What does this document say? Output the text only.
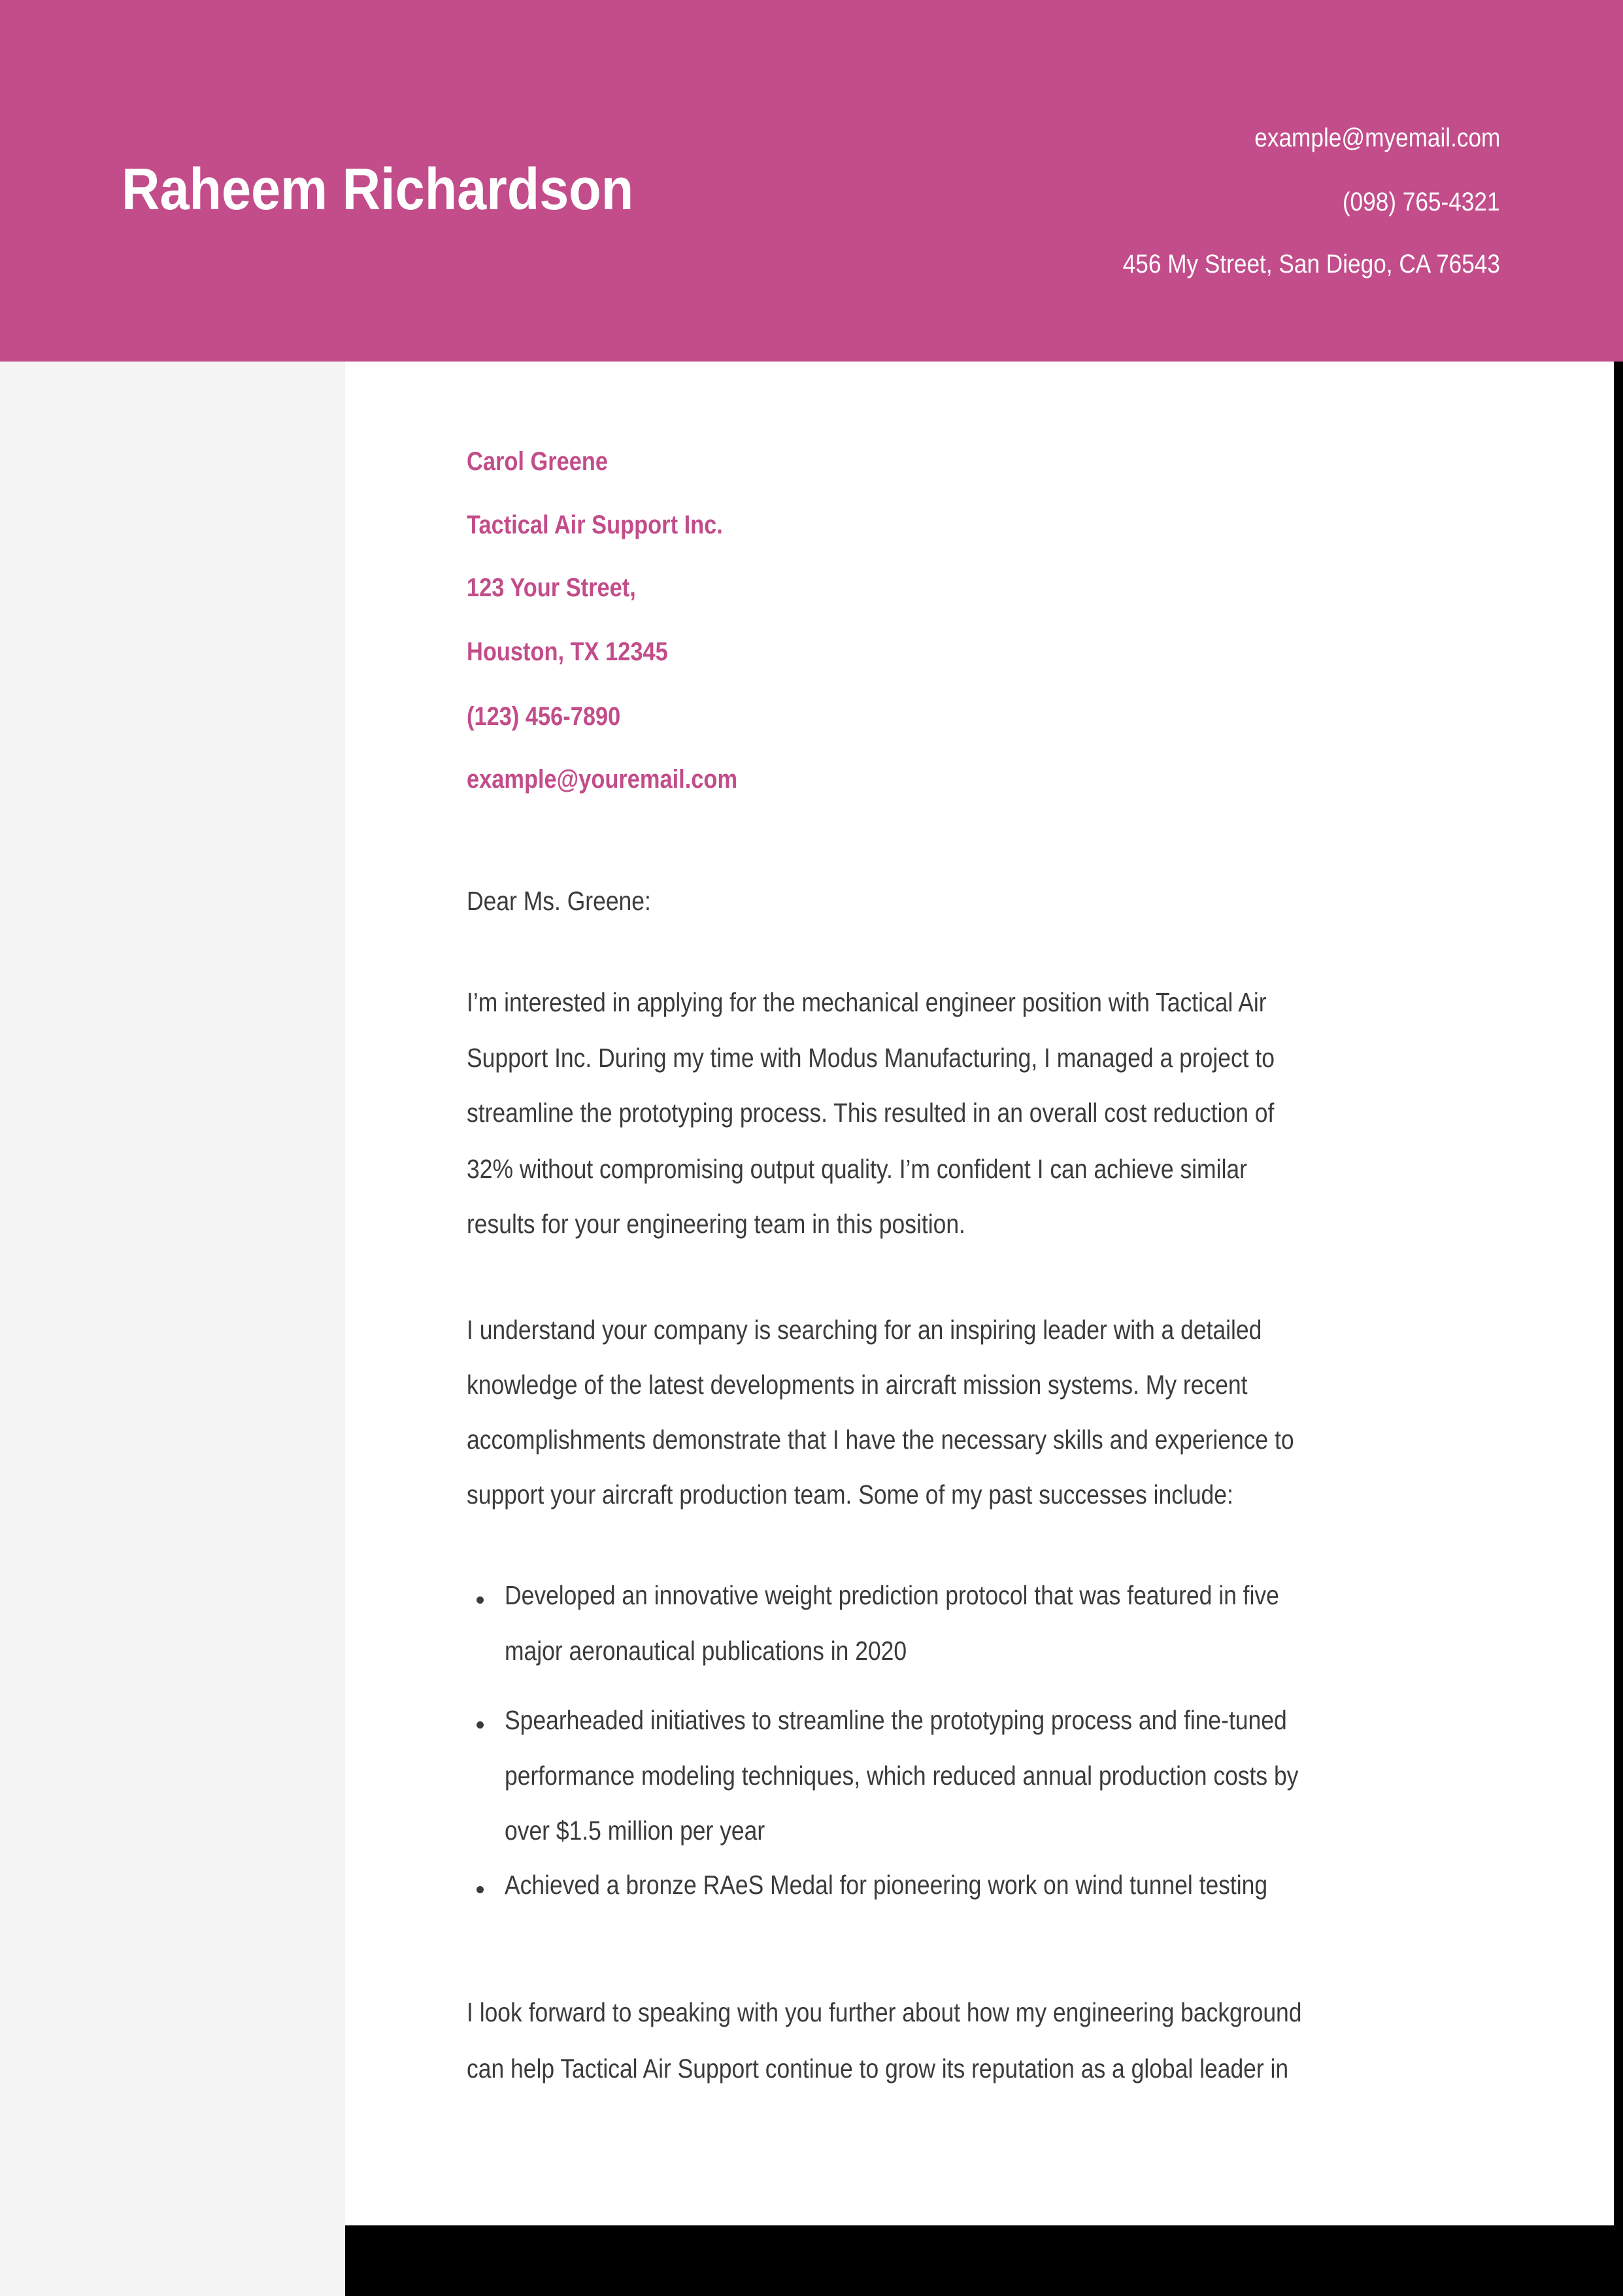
Raheem Richardson
example@myemail.com
(098) 765-4321
456 My Street, San Diego, CA 76543
Carol Greene
Tactical Air Support Inc.
123 Your Street,
Houston, TX 12345
(123) 456-7890
example@youremail.com
Dear Ms. Greene:
I’m interested in applying for the mechanical engineer position with Tactical Air
Support Inc. During my time with Modus Manufacturing, I managed a project to
streamline the prototyping process. This resulted in an overall cost reduction of
32% without compromising output quality. I’m confident I can achieve similar
results for your engineering team in this position.
I understand your company is searching for an inspiring leader with a detailed
knowledge of the latest developments in aircraft mission systems. My recent
accomplishments demonstrate that I have the necessary skills and experience to
support your aircraft production team. Some of my past successes include:
Developed an innovative weight prediction protocol that was featured in five
major aeronautical publications in 2020
Spearheaded initiatives to streamline the prototyping process and fine-tuned
performance modeling techniques, which reduced annual production costs by
over $1.5 million per year
Achieved a bronze RAeS Medal for pioneering work on wind tunnel testing
I look forward to speaking with you further about how my engineering background
can help Tactical Air Support continue to grow its reputation as a global leader in
